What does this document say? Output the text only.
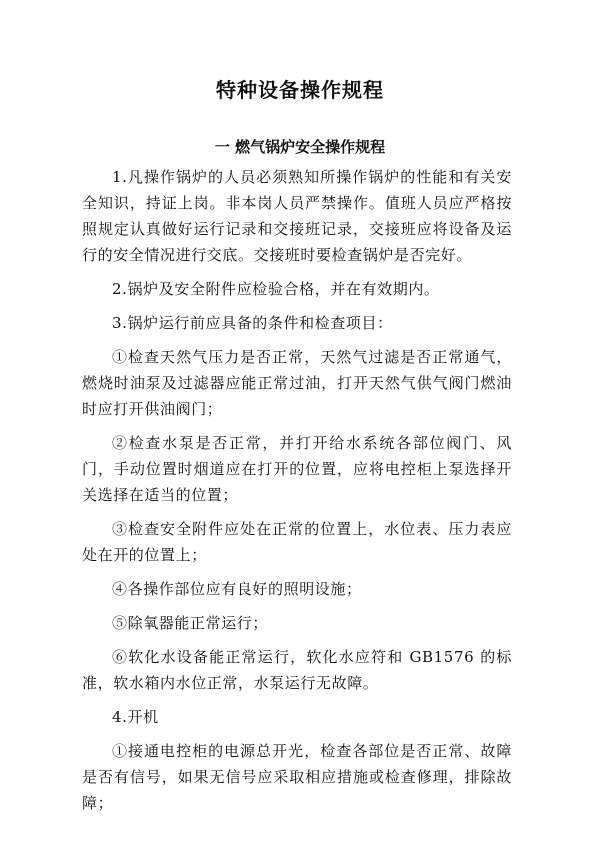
特种设备操作规程
一 燃气锅炉安全操作规程

1.凡操作锅炉的人员必须熟知所操作锅炉的性能和有关安全知识，持证上岗。非本岗人员严禁操作。值班人员应严格按照规定认真做好运行记录和交接班记录，交接班应将设备及运行的安全情况进行交底。交接班时要检查锅炉是否完好。

2.锅炉及安全附件应检验合格，并在有效期内。

3.锅炉运行前应具备的条件和检查项目：

①检查天然气压力是否正常，天然气过滤是否正常通气，燃烧时油泵及过滤器应能正常过油，打开天然气供气阀门燃油时应打开供油阀门；

②检查水泵是否正常，并打开给水系统各部位阀门、风门，手动位置时烟道应在打开的位置，应将电控柜上泵选择开关选择在适当的位置；

③检查安全附件应处在正常的位置上，水位表、压力表应处在开的位置上；

④各操作部位应有良好的照明设施；

⑤除氧器能正常运行；

⑥软化水设备能正常运行，软化水应符和 GB1576 的标准，软水箱内水位正常，水泵运行无故障。

4.开机

①接通电控柜的电源总开光，检查各部位是否正常、故障是否有信号，如果无信号应采取相应措施或检查修理，排除故障；
